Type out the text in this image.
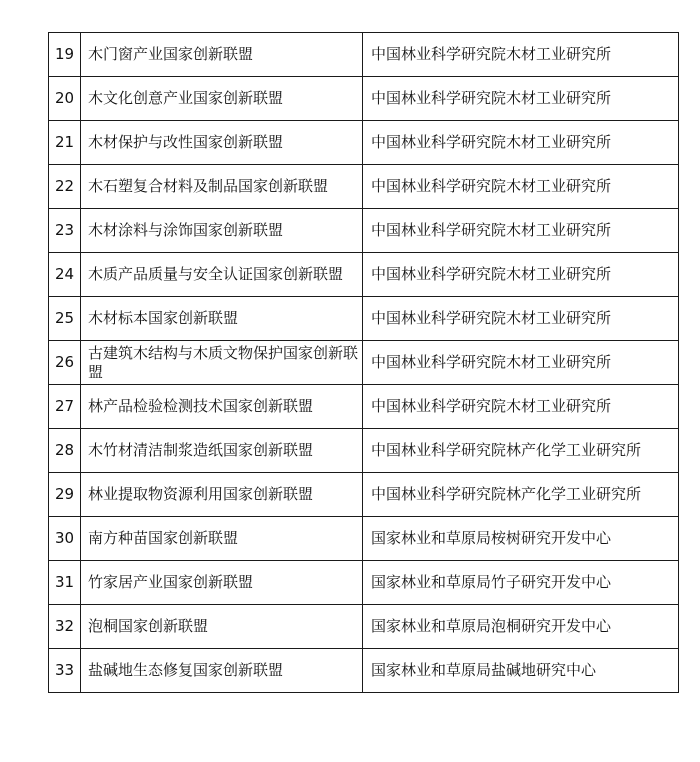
19	木门窗产业国家创新联盟	中国林业科学研究院木材工业研究所
20	木文化创意产业国家创新联盟	中国林业科学研究院木材工业研究所
21	木材保护与改性国家创新联盟	中国林业科学研究院木材工业研究所
22	木石塑复合材料及制品国家创新联盟	中国林业科学研究院木材工业研究所
23	木材涂料与涂饰国家创新联盟	中国林业科学研究院木材工业研究所
24	木质产品质量与安全认证国家创新联盟	中国林业科学研究院木材工业研究所
25	木材标本国家创新联盟	中国林业科学研究院木材工业研究所
26	古建筑木结构与木质文物保护国家创新联盟	中国林业科学研究院木材工业研究所
27	林产品检验检测技术国家创新联盟	中国林业科学研究院木材工业研究所
28	木竹材清洁制浆造纸国家创新联盟	中国林业科学研究院林产化学工业研究所
29	林业提取物资源利用国家创新联盟	中国林业科学研究院林产化学工业研究所
30	南方种苗国家创新联盟	国家林业和草原局桉树研究开发中心
31	竹家居产业国家创新联盟	国家林业和草原局竹子研究开发中心
32	泡桐国家创新联盟	国家林业和草原局泡桐研究开发中心
33	盐碱地生态修复国家创新联盟	国家林业和草原局盐碱地研究中心
